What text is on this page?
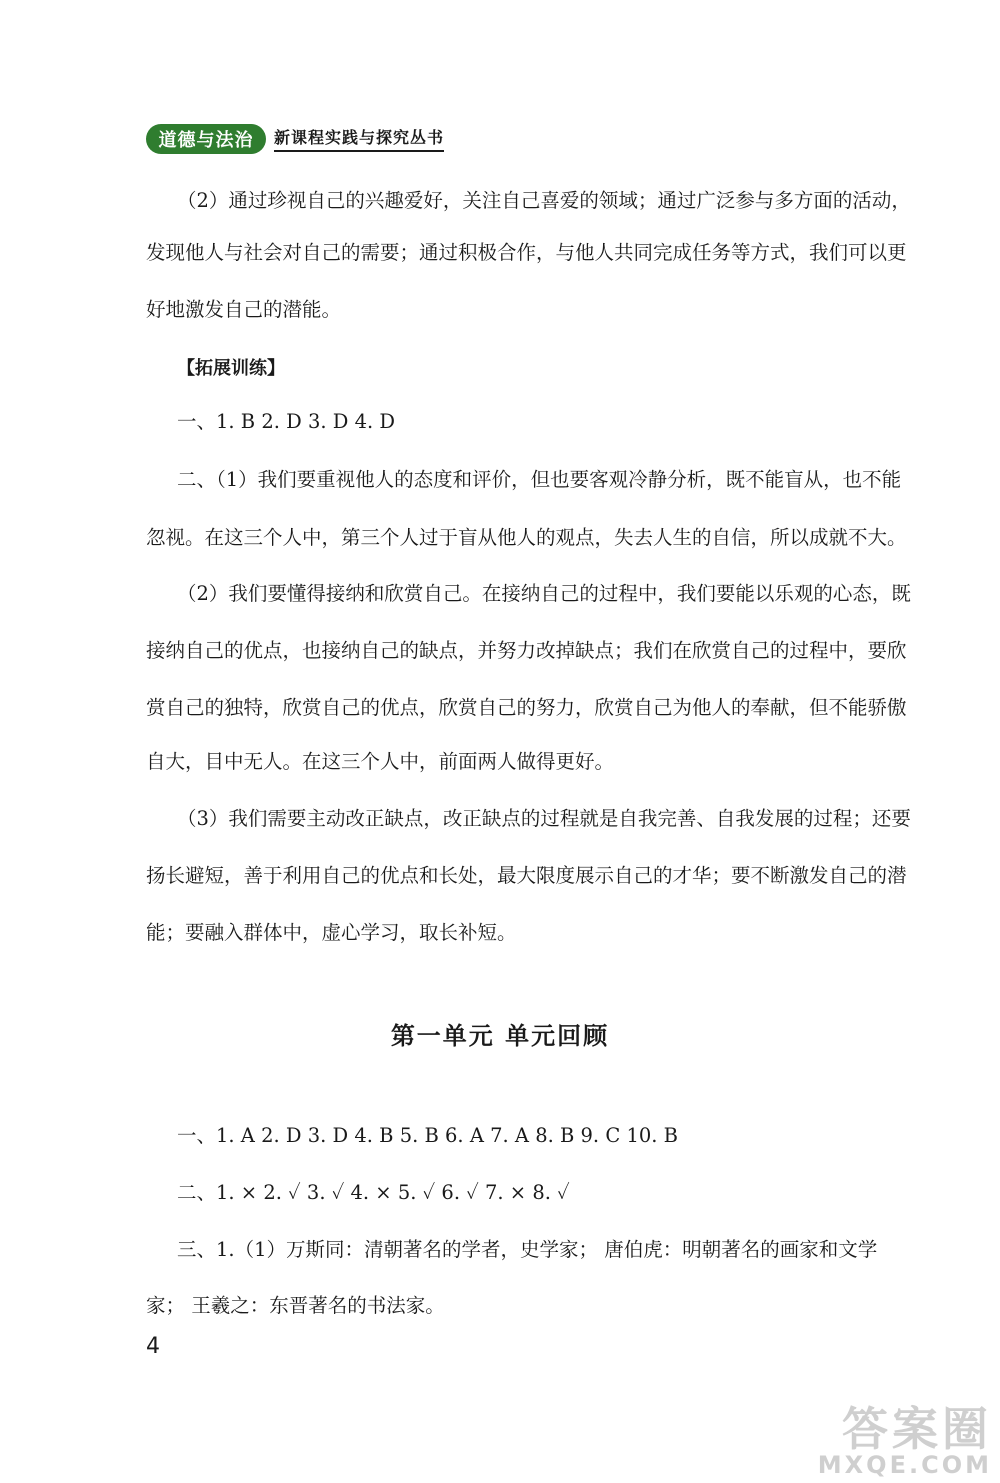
道德与法治	新课程实践与探究丛书
（2）通过珍视自己的兴趣爱好，关注自己喜爱的领域；通过广泛参与多方面的活动，
发现他人与社会对自己的需要；通过积极合作，与他人共同完成任务等方式，我们可以更
好地激发自己的潜能。
【拓展训练】
一、1. B 2. D 3. D 4. D
二、（1）我们要重视他人的态度和评价，但也要客观冷静分析，既不能盲从，也不能
忽视。在这三个人中，第三个人过于盲从他人的观点，失去人生的自信，所以成就不大。
（2）我们要懂得接纳和欣赏自己。在接纳自己的过程中，我们要能以乐观的心态，既
接纳自己的优点，也接纳自己的缺点，并努力改掉缺点；我们在欣赏自己的过程中，要欣
赏自己的独特，欣赏自己的优点，欣赏自己的努力，欣赏自己为他人的奉献，但不能骄傲
自大，目中无人。在这三个人中，前面两人做得更好。
（3）我们需要主动改正缺点，改正缺点的过程就是自我完善、自我发展的过程；还要
扬长避短，善于利用自己的优点和长处，最大限度展示自己的才华；要不断激发自己的潜
能；要融入群体中，虚心学习，取长补短。
第一单元 单元回顾
一、1. A 2. D 3. D 4. B 5. B 6. A 7. A 8. B 9. C 10. B
二、1. × 2. ✓ 3. ✓ 4. × 5. ✓ 6. ✓ 7. × 8. ✓
三、1.（1）万斯同：清朝著名的学者，史学家； 唐伯虎：明朝著名的画家和文学
家； 王羲之：东晋著名的书法家。
4
答案圈
MXQE.COM
